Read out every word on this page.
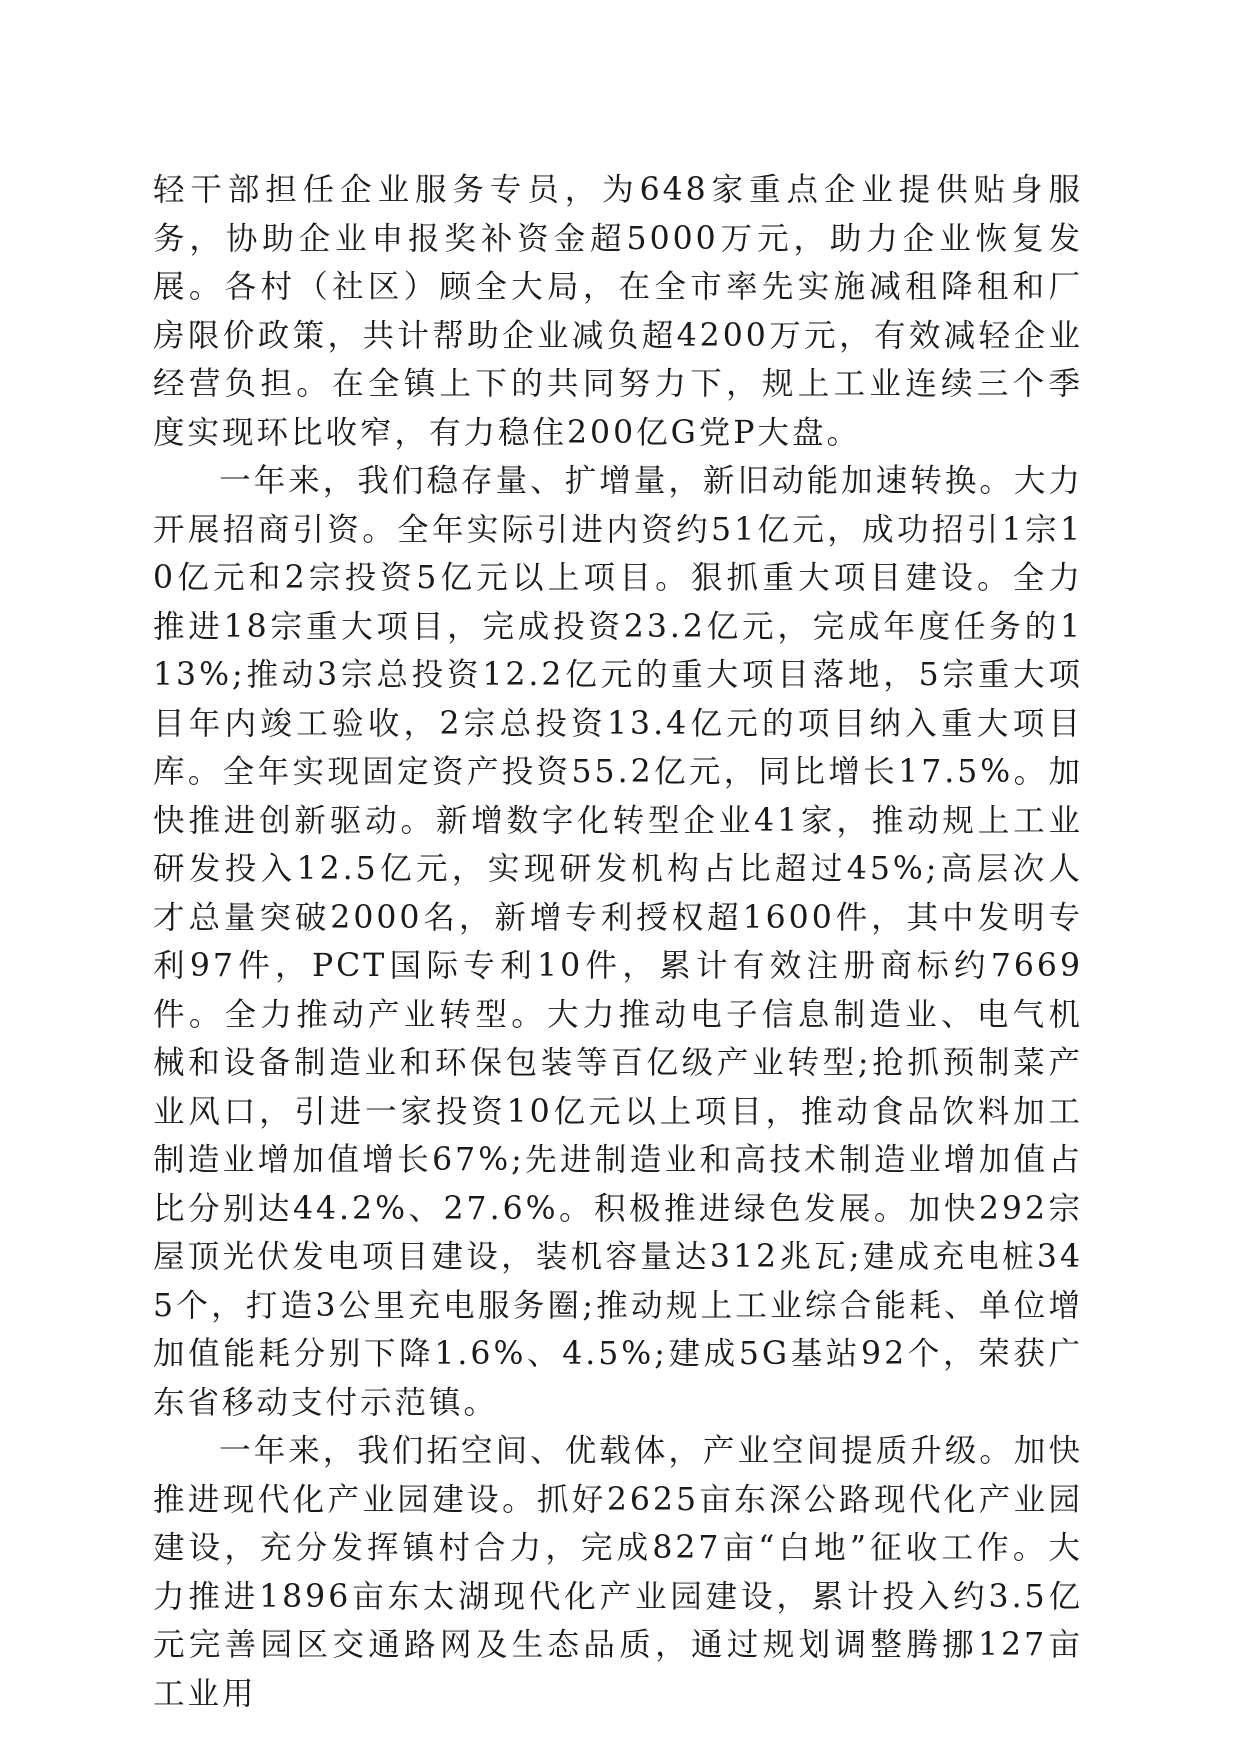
轻干部担任企业服务专员，为648家重点企业提供贴身服务，协助企业申报奖补资金超5000万元，助力企业恢复发展。各村（社区）顾全大局，在全市率先实施减租降租和厂房限价政策，共计帮助企业减负超4200万元，有效减轻企业经营负担。在全镇上下的共同努力下，规上工业连续三个季度实现环比收窄，有力稳住200亿G党P大盘。

一年来，我们稳存量、扩增量，新旧动能加速转换。大力开展招商引资。全年实际引进内资约51亿元，成功招引1宗10亿元和2宗投资5亿元以上项目。狠抓重大项目建设。全力推进18宗重大项目，完成投资23.2亿元，完成年度任务的113%;推动3宗总投资12.2亿元的重大项目落地，5宗重大项目年内竣工验收，2宗总投资13.4亿元的项目纳入重大项目库。全年实现固定资产投资55.2亿元，同比增长17.5%。加快推进创新驱动。新增数字化转型企业41家，推动规上工业研发投入12.5亿元，实现研发机构占比超过45%;高层次人才总量突破2000名，新增专利授权超1600件，其中发明专利97件，PCT国际专利10件，累计有效注册商标约7669件。全力推动产业转型。大力推动电子信息制造业、电气机械和设备制造业和环保包装等百亿级产业转型;抢抓预制菜产业风口，引进一家投资10亿元以上项目，推动食品饮料加工制造业增加值增长67%;先进制造业和高技术制造业增加值占比分别达44.2%、27.6%。积极推进绿色发展。加快292宗屋顶光伏发电项目建设，装机容量达312兆瓦;建成充电桩345个，打造3公里充电服务圈;推动规上工业综合能耗、单位增加值能耗分别下降1.6%、4.5%;建成5G基站92个，荣获广东省移动支付示范镇。

一年来，我们拓空间、优载体，产业空间提质升级。加快推进现代化产业园建设。抓好2625亩东深公路现代化产业园建设，充分发挥镇村合力，完成827亩“白地”征收工作。大力推进1896亩东太湖现代化产业园建设，累计投入约3.5亿元完善园区交通路网及生态品质，通过规划调整腾挪127亩工业用
